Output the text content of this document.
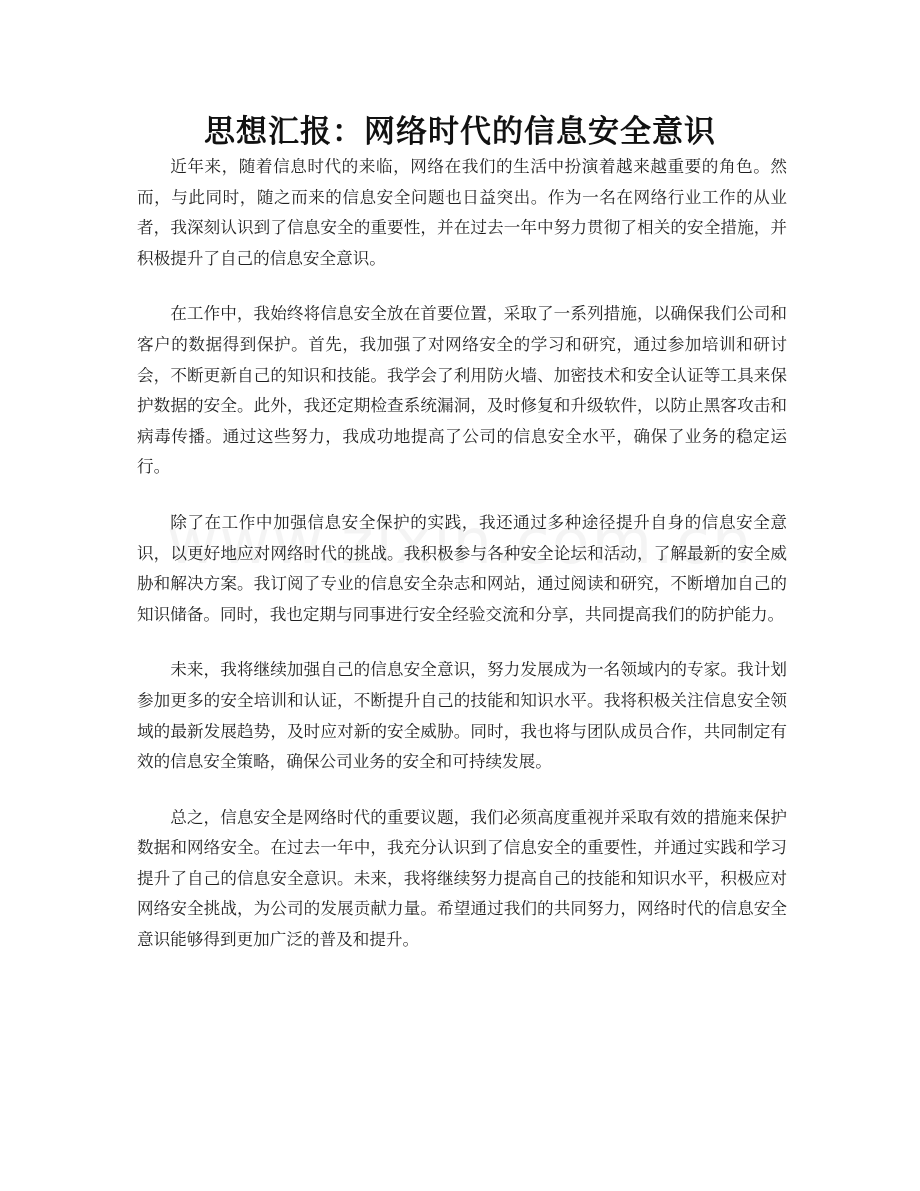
思想汇报：网络时代的信息安全意识

近年来，随着信息时代的来临，网络在我们的生活中扮演着越来越重要的角色。然而，与此同时，随之而来的信息安全问题也日益突出。作为一名在网络行业工作的从业者，我深刻认识到了信息安全的重要性，并在过去一年中努力贯彻了相关的安全措施，并积极提升了自己的信息安全意识。

在工作中，我始终将信息安全放在首要位置，采取了一系列措施，以确保我们公司和客户的数据得到保护。首先，我加强了对网络安全的学习和研究，通过参加培训和研讨会，不断更新自己的知识和技能。我学会了利用防火墙、加密技术和安全认证等工具来保护数据的安全。此外，我还定期检查系统漏洞，及时修复和升级软件，以防止黑客攻击和病毒传播。通过这些努力，我成功地提高了公司的信息安全水平，确保了业务的稳定运行。

除了在工作中加强信息安全保护的实践，我还通过多种途径提升自身的信息安全意识，以更好地应对网络时代的挑战。我积极参与各种安全论坛和活动，了解最新的安全威胁和解决方案。我订阅了专业的信息安全杂志和网站，通过阅读和研究，不断增加自己的知识储备。同时，我也定期与同事进行安全经验交流和分享，共同提高我们的防护能力。

未来，我将继续加强自己的信息安全意识，努力发展成为一名领域内的专家。我计划参加更多的安全培训和认证，不断提升自己的技能和知识水平。我将积极关注信息安全领域的最新发展趋势，及时应对新的安全威胁。同时，我也将与团队成员合作，共同制定有效的信息安全策略，确保公司业务的安全和可持续发展。

总之，信息安全是网络时代的重要议题，我们必须高度重视并采取有效的措施来保护数据和网络安全。在过去一年中，我充分认识到了信息安全的重要性，并通过实践和学习提升了自己的信息安全意识。未来，我将继续努力提高自己的技能和知识水平，积极应对网络安全挑战，为公司的发展贡献力量。希望通过我们的共同努力，网络时代的信息安全意识能够得到更加广泛的普及和提升。
